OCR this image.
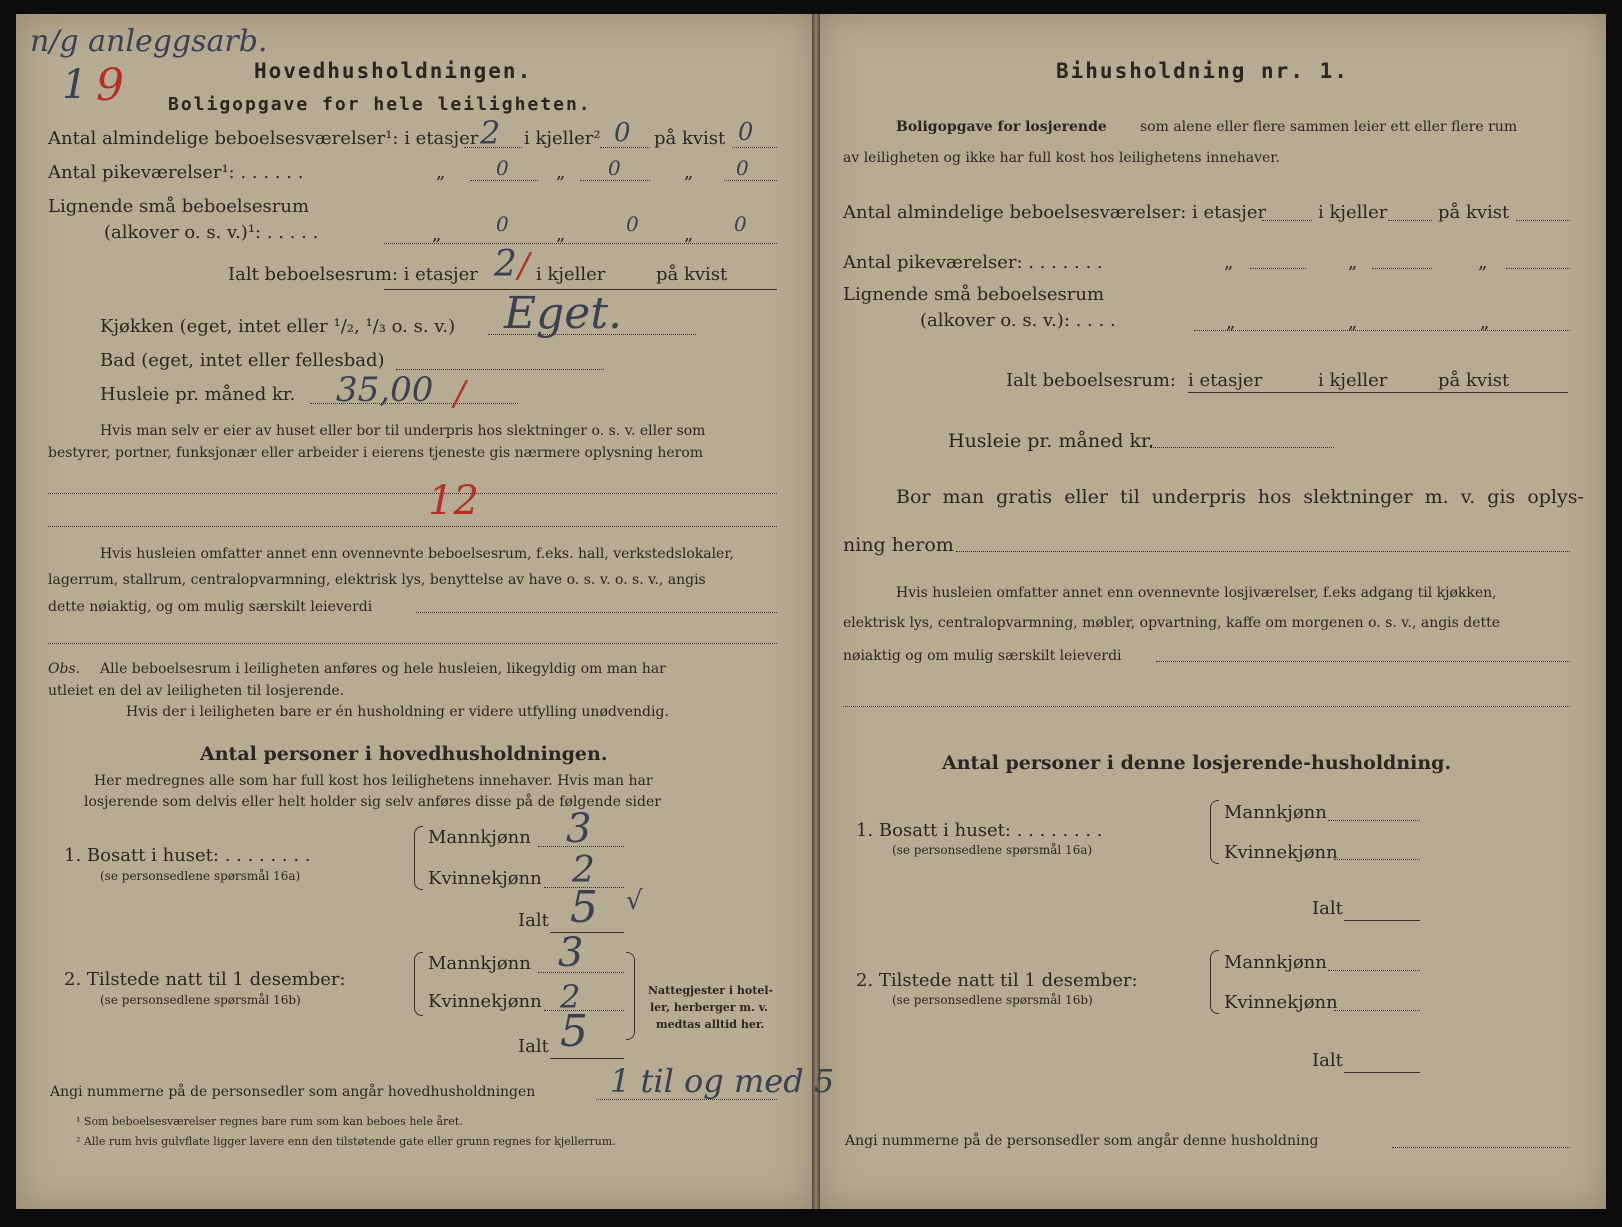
n/g anleggsarb.
1 9	Hovedhusholdningen.
Boligopgave for hele leiligheten.
Antal almindelige beboelsesværelser¹: i etasjer 2 i kjeller² 0 på kvist 0
Antal pikeværelser¹: . . . . . .	„	0	„ 0	„ 0
Lignende små beboelsesrum
(alkover o. s. v.)¹: . . . . .	„	0	„	0	„ 0
Ialt beboelsesrum: i etasjer 2 / i kjeller	på kvist
Kjøkken (eget, intet eller ¹/₂, ¹/₃ o. s. v.) Eget.
Bad (eget, intet eller fellesbad)
Husleie pr. måned kr. 35,00 /
Hvis man selv er eier av huset eller bor til underpris hos slektninger o. s. v. eller som
bestyrer, portner, funksjonær eller arbeider i eierens tjeneste gis nærmere oplysning herom
12
Hvis husleien omfatter annet enn ovennevnte beboelsesrum, f.eks. hall, verkstedslokaler,
lagerrum, stallrum, centralopvarmning, elektrisk lys, benyttelse av have o. s. v. o. s. v., angis
dette nøiaktig, og om mulig særskilt leieverdi
Obs. Alle beboelsesrum i leiligheten anføres og hele husleien, likegyldig om man har
utleiet en del av leiligheten til losjerende.
Hvis der i leiligheten bare er én husholdning er videre utfylling unødvendig.
Antal personer i hovedhusholdningen.
Her medregnes alle som har full kost hos leilighetens innehaver. Hvis man har
losjerende som delvis eller helt holder sig selv anføres disse på de følgende sider
1. Bosatt i huset: . . . . . . . .
(se personsedlene spørsmål 16a)
Mannkjønn 3
Kvinnekjønn 2
Ialt 5 √
2. Tilstede natt til 1 desember:
(se personsedlene spørsmål 16b)
Mannkjønn 3
Kvinnekjønn 2
Ialt 5
Nattegjester i hotel-
ler, herberger m. v.
medtas alltid her.
Angi nummerne på de personsedler som angår hovedhusholdningen 1 til og med 5
¹ Som beboelsesværelser regnes bare rum som kan beboes hele året.
² Alle rum hvis gulvflate ligger lavere enn den tilstøtende gate eller grunn regnes for kjellerrum.
Bihusholdning nr. 1.
Boligopgave for losjerende som alene eller flere sammen leier ett eller flere rum
av leiligheten og ikke har full kost hos leilighetens innehaver.
Antal almindelige beboelsesværelser: i etasjer	i kjeller	på kvist
Antal pikeværelser: . . . . . . .	„	„	„
Lignende små beboelsesrum
(alkover o. s. v.): . . . .	„	„	„
Ialt beboelsesrum: i etasjer	i kjeller	på kvist
Husleie pr. måned kr.
Bor man gratis eller til underpris hos slektninger m. v. gis oplys-
ning herom
Hvis husleien omfatter annet enn ovennevnte losjiværelser, f.eks adgang til kjøkken,
elektrisk lys, centralopvarmning, møbler, opvartning, kaffe om morgenen o. s. v., angis dette
nøiaktig og om mulig særskilt leieverdi
Antal personer i denne losjerende-husholdning.
1. Bosatt i huset: . . . . . . . .
(se personsedlene spørsmål 16a)
Mannkjønn
Kvinnekjønn
Ialt
2. Tilstede natt til 1 desember:
(se personsedlene spørsmål 16b)
Mannkjønn
Kvinnekjønn
Ialt
Angi nummerne på de personsedler som angår denne husholdning
